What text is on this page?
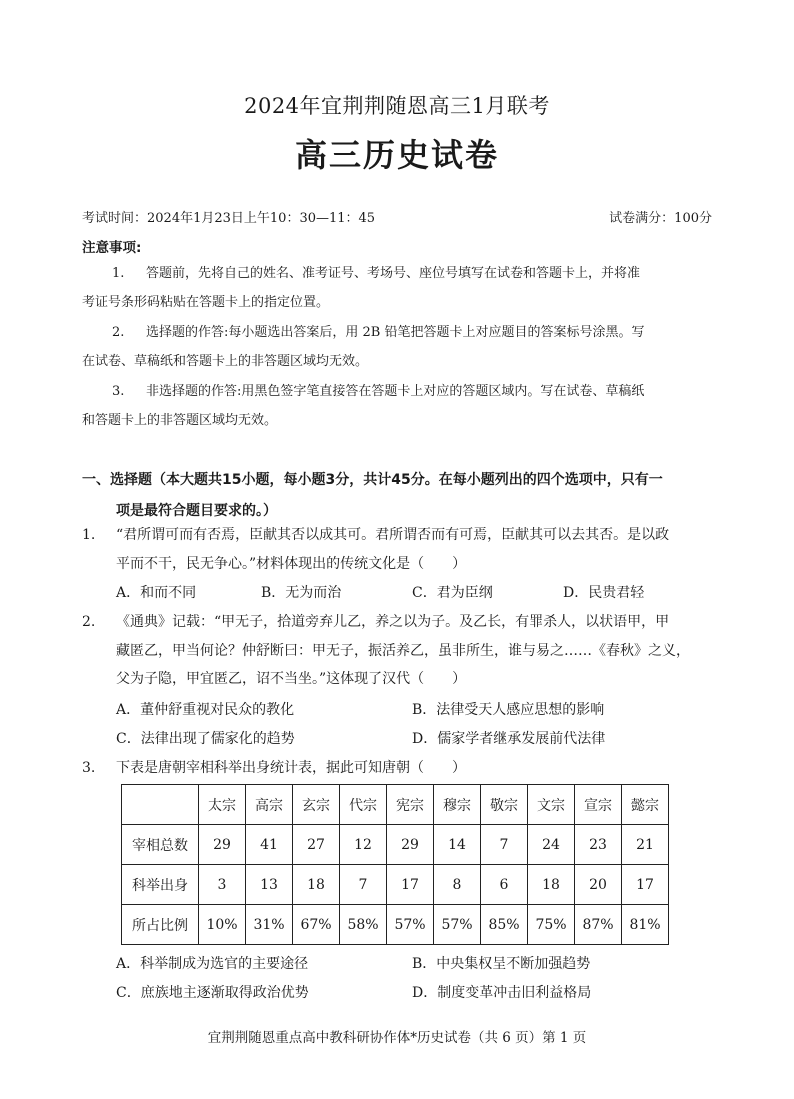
2024年宜荆荆随恩高三1月联考
高三历史试卷
考试时间：2024年1月23日上午10：30—11：45	试卷满分：100分
注意事项:
1. 答题前，先将自己的姓名、准考证号、考场号、座位号填写在试卷和答题卡上，并将准
考证号条形码粘贴在答题卡上的指定位置。
2. 选择题的作答:每小题选出答案后，用 2B 铅笔把答题卡上对应题目的答案标号涂黑。写
在试卷、草稿纸和答题卡上的非答题区域均无效。
3. 非选择题的作答:用黑色签字笔直接答在答题卡上对应的答题区域内。写在试卷、草稿纸
和答题卡上的非答题区域均无效。
一、选择题（本大题共15小题，每小题3分，共计45分。在每小题列出的四个选项中，只有一
项是最符合题目要求的。）
1.	“君所谓可而有否焉，臣献其否以成其可。君所谓否而有可焉，臣献其可以去其否。是以政
平而不干，民无争心。”材料体现出的传统文化是（　　）
A．和而不同	B．无为而治	C．君为臣纲	D．民贵君轻
2.	《通典》记载：“甲无子，拾道旁弃儿乙，养之以为子。及乙长，有罪杀人，以状语甲，甲
藏匿乙，甲当何论？仲舒断曰：甲无子，振活养乙，虽非所生，谁与易之……《春秋》之义，
父为子隐，甲宜匿乙，诏不当坐。”这体现了汉代（　　）
A．董仲舒重视对民众的教化	B．法律受天人感应思想的影响
C．法律出现了儒家化的趋势	D．儒家学者继承发展前代法律
3.	下表是唐朝宰相科举出身统计表，据此可知唐朝（　　）
	太宗	高宗	玄宗	代宗	宪宗	穆宗	敬宗	文宗	宣宗	懿宗
宰相总数	29	41	27	12	29	14	7	24	23	21
科举出身	3	13	18	7	17	8	6	18	20	17
所占比例	10%	31%	67%	58%	57%	57%	85%	75%	87%	81%
A．科举制成为选官的主要途径	B．中央集权呈不断加强趋势
C．庶族地主逐渐取得政治优势	D．制度变革冲击旧利益格局
宜荆荆随恩重点高中教科研协作体*历史试卷（共 6 页）第 1 页
